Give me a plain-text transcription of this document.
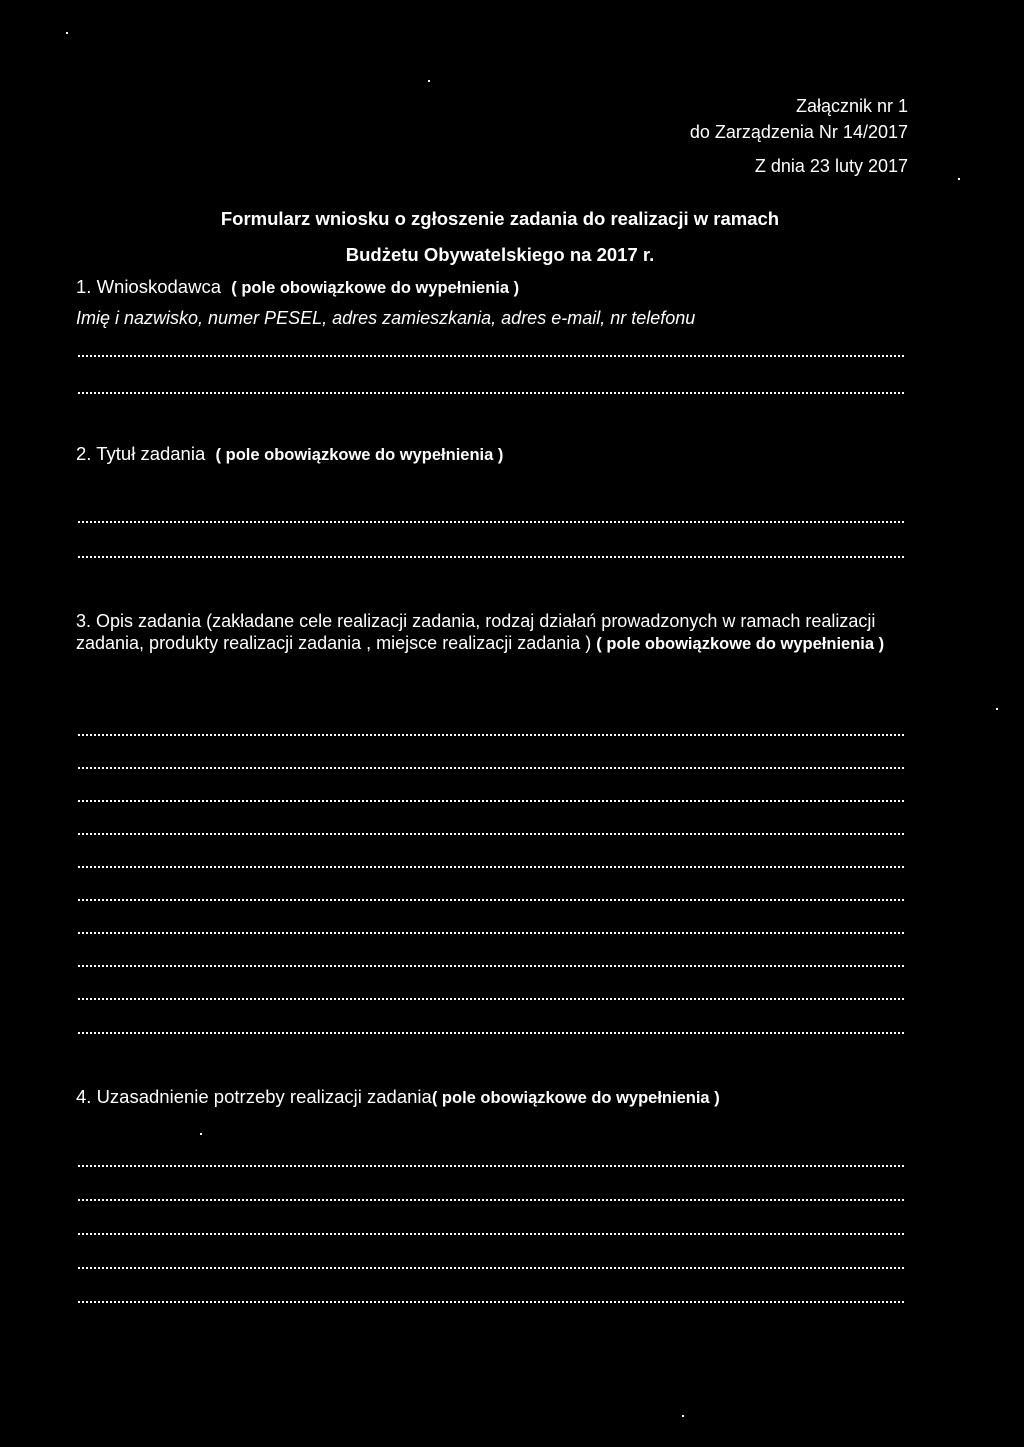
Załącznik nr 1
do Zarządzenia Nr 14/2017
Z dnia 23 luty 2017
Formularz wniosku o zgłoszenie zadania do realizacji w ramach
Budżetu Obywatelskiego na 2017 r.
1. Wnioskodawca ( pole obowiązkowe do wypełnienia )
Imię i nazwisko, numer PESEL, adres zamieszkania, adres e-mail, nr telefonu
2. Tytuł zadania ( pole obowiązkowe do wypełnienia )
3. Opis zadania (zakładane cele realizacji zadania, rodzaj działań prowadzonych w ramach realizacji zadania, produkty realizacji zadania , miejsce realizacji zadania ) ( pole obowiązkowe do wypełnienia )
4. Uzasadnienie potrzeby realizacji zadania( pole obowiązkowe do wypełnienia )
